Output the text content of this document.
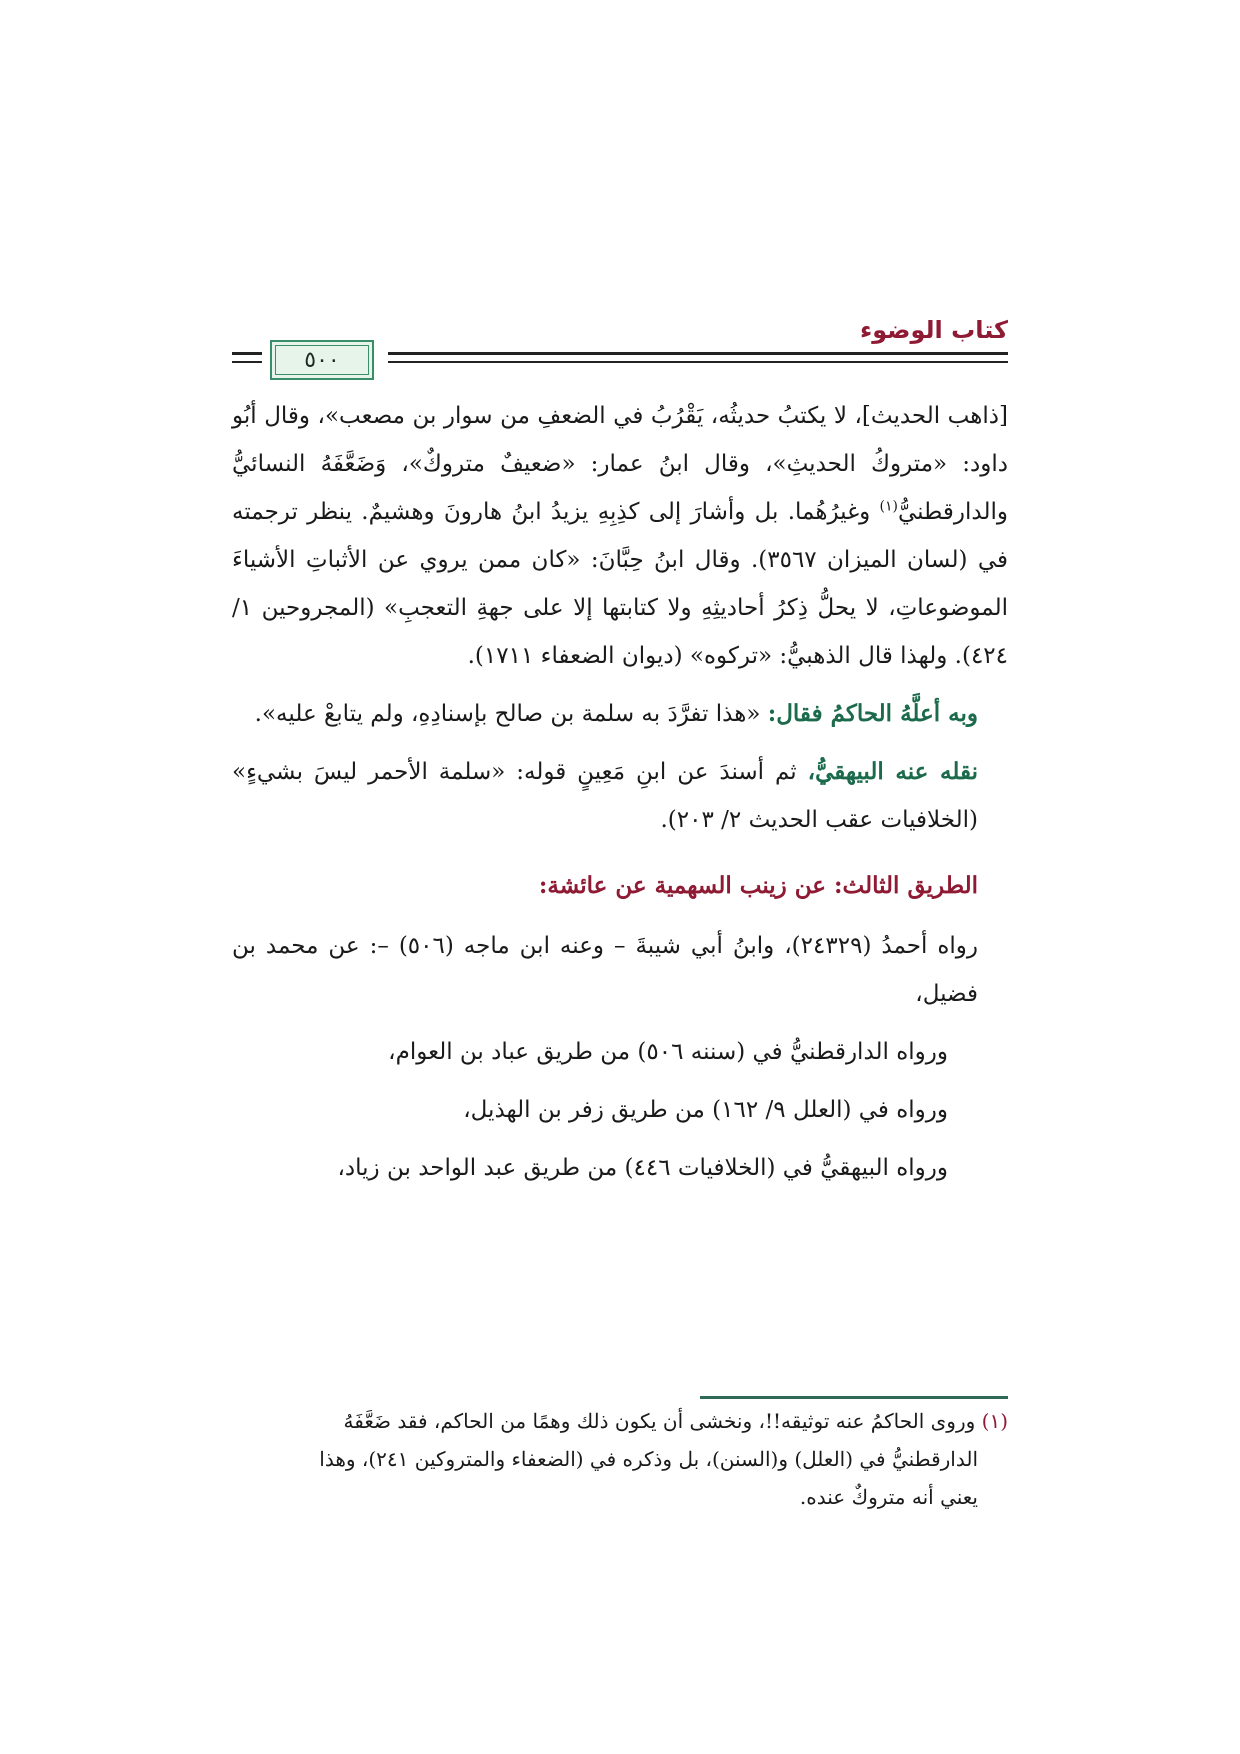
كتاب الوضوء
٥٠٠

[ذاهب الحديث]، لا يكتبُ حديثُه، يَقْرُبُ في الضعفِ من سوار بن مصعب»، وقال أبُو داود: «متروكُ الحديثِ»، وقال ابنُ عمار: «ضعيفٌ متروكٌ»، وَضَعَّفَهُ النسائيُّ والدارقطنيُّ$^{(١)}$ وغيرُهُما. بل وأشارَ إلى كذِبِهِ يزيدُ ابنُ هارونَ وهشيمٌ. ينظر ترجمته في (لسان الميزان ٣٥٦٧). وقال ابنُ حِبَّانَ: «كان ممن يروي عن الأثباتِ الأشياءَ الموضوعاتِ، لا يحلُّ ذِكرُ أحاديثِهِ ولا كتابتها إلا على جهةِ التعجبِ» (المجروحين ١/ ٤٢٤). ولهذا قال الذهبيُّ: «تركوه» (ديوان الضعفاء ١٧١١).

وبه أعلَّهُ الحاكمُ فقال: «هذا تفرَّدَ به سلمة بن صالح بإسنادِهِ، ولم يتابعْ عليه».

نقله عنه البيهقيُّ، ثم أسندَ عن ابنِ مَعِينٍ قوله: «سلمة الأحمر ليسَ بشيءٍ» (الخلافيات عقب الحديث ٢/ ٢٠٣).

الطريق الثالث: عن زينب السهمية عن عائشة:

رواه أحمدُ (٢٤٣٢٩)، وابنُ أبي شيبةَ – وعنه ابن ماجه (٥٠٦) –: عن محمد بن فضيل،

ورواه الدارقطنيُّ في (سننه ٥٠٦) من طريق عباد بن العوام،

ورواه في (العلل ٩/ ١٦٢) من طريق زفر بن الهذيل،

ورواه البيهقيُّ في (الخلافيات ٤٤٦) من طريق عبد الواحد بن زياد،

(١) وروى الحاكمُ عنه توثيقه!!، ونخشى أن يكون ذلك وهمًا من الحاكم، فقد ضَعَّفَهُ

الدارقطنيُّ في (العلل) و(السنن)، بل وذكره في (الضعفاء والمتروكين ٢٤١)، وهذا

يعني أنه متروكٌ عنده.
